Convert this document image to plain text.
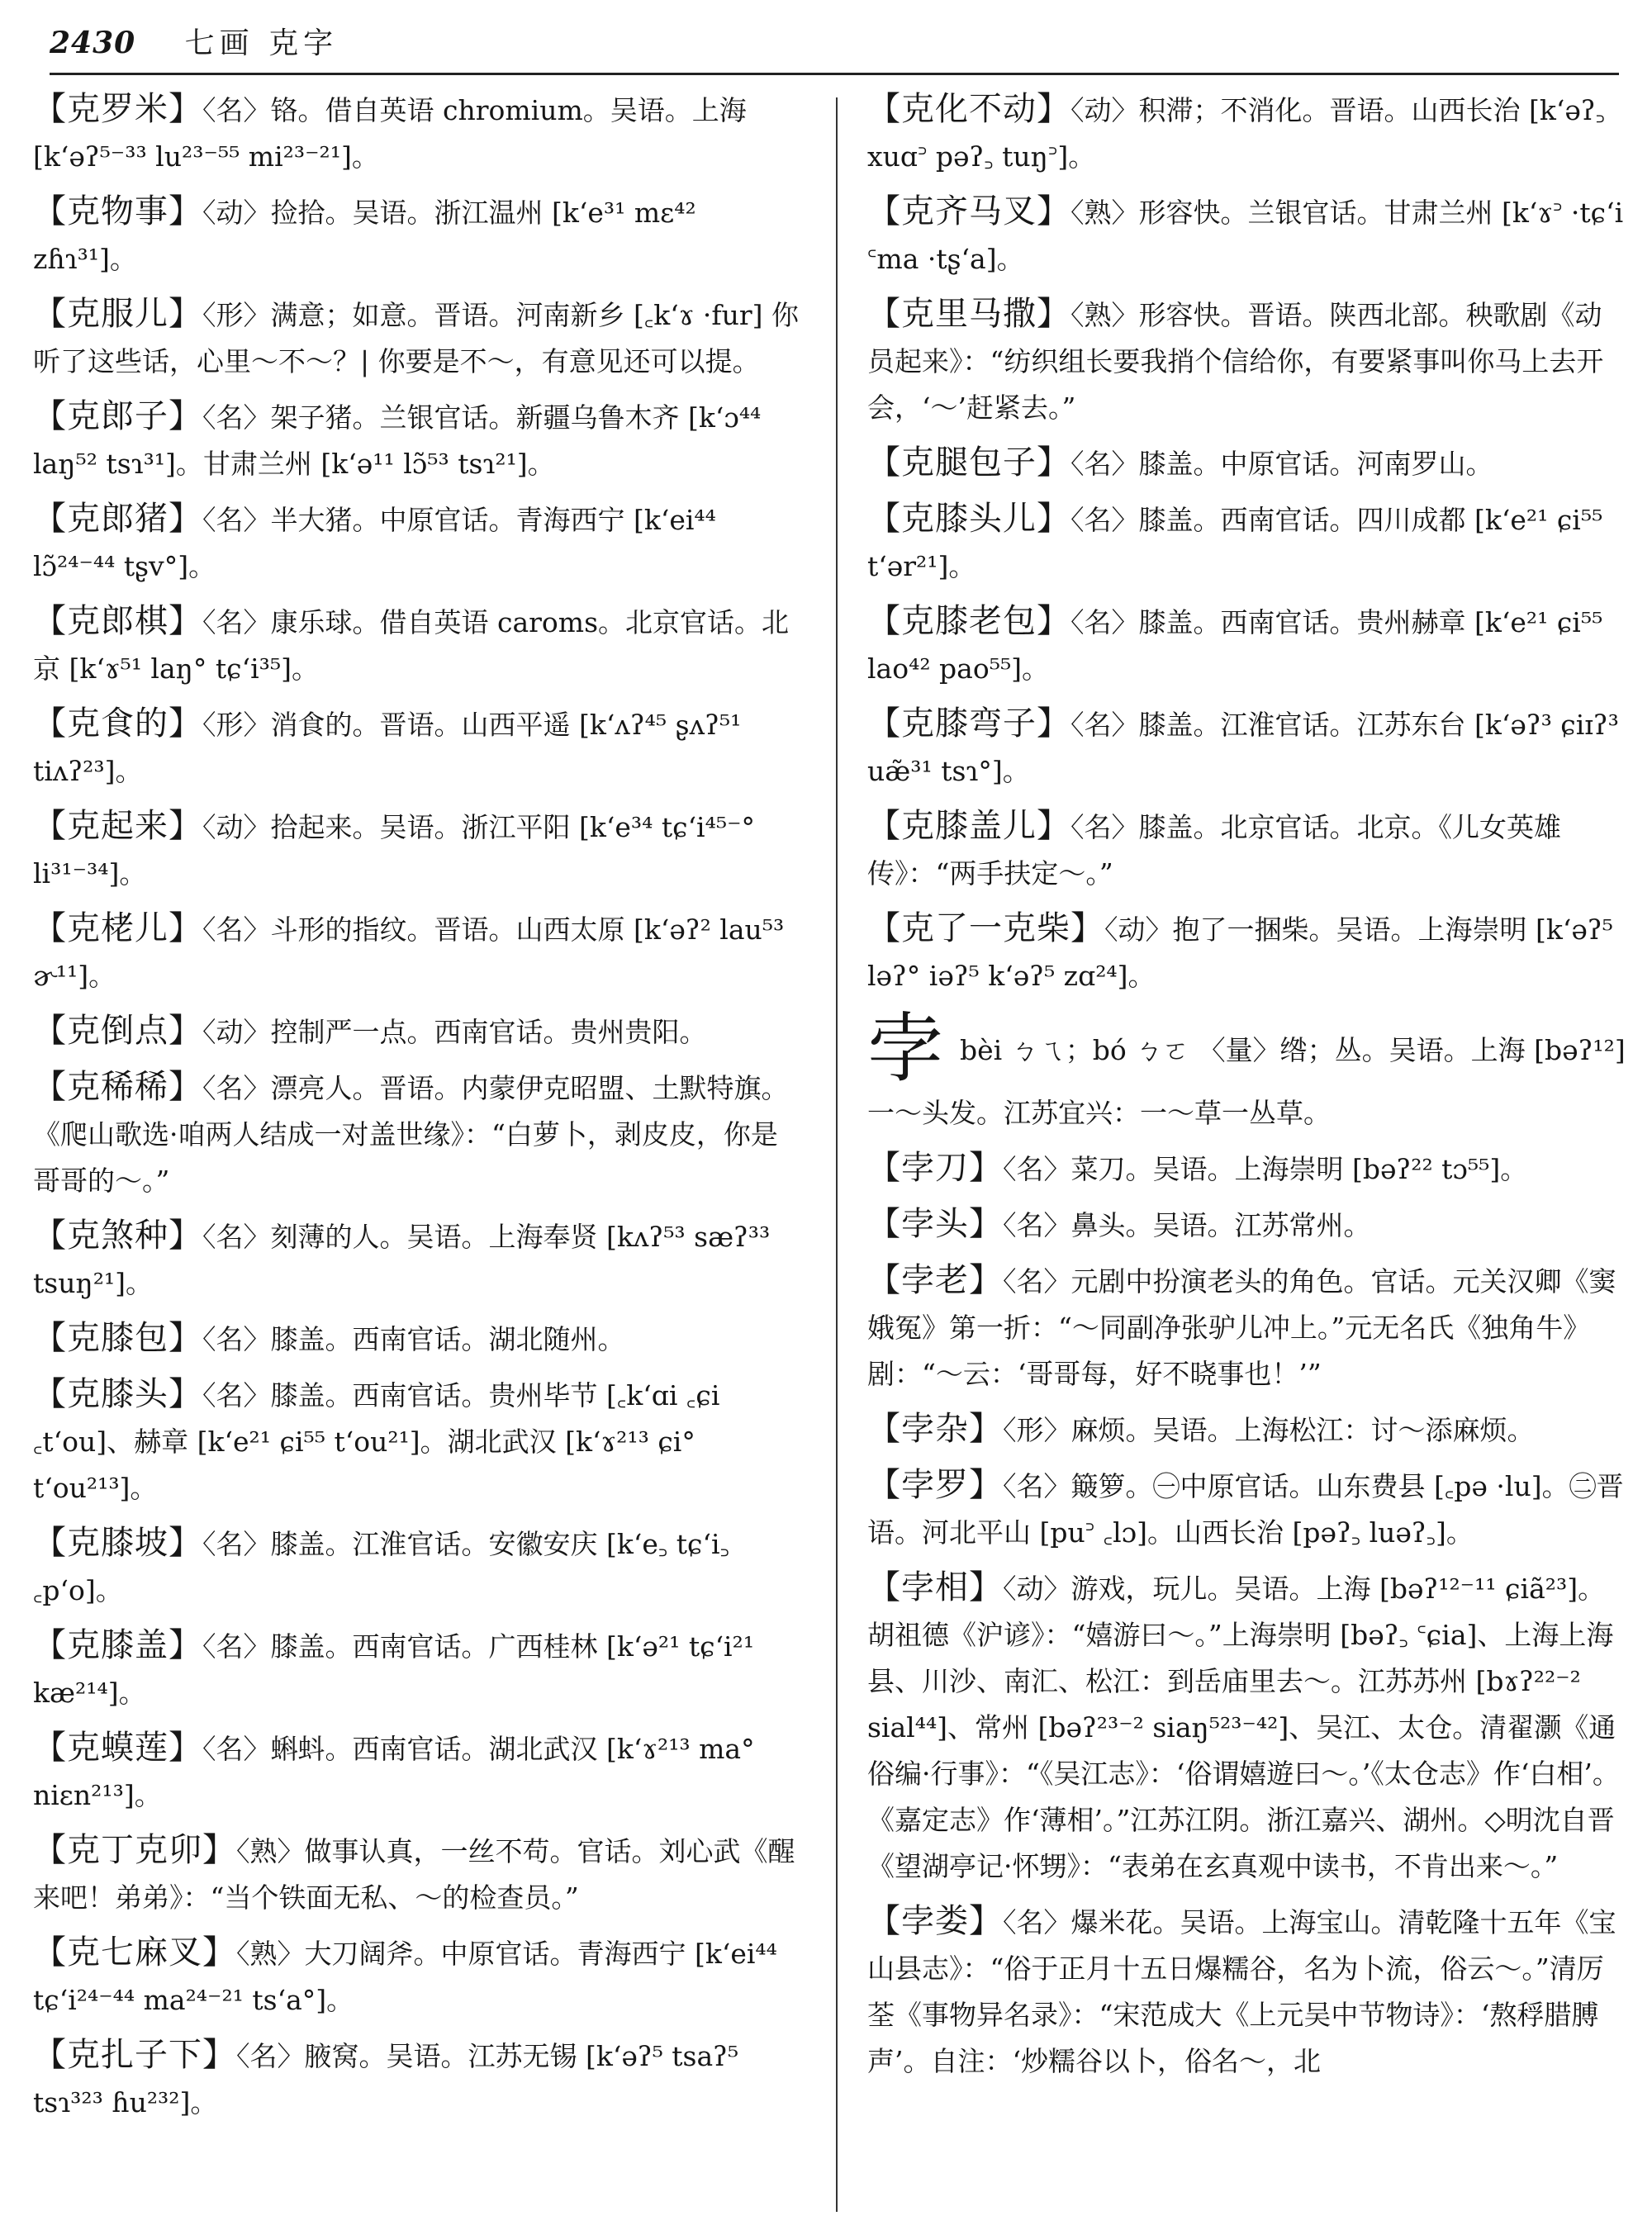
2430 七画 克字
【克罗米】〈名〉铬。借自英语 chromium。吴语。上海 [kʻəʔ⁵⁻³³ lu²³⁻⁵⁵ mi²³⁻²¹]。
【克物事】〈动〉捡拾。吴语。浙江温州 [kʻe³¹ mɛ⁴² zɦɿ³¹]。
【克服儿】〈形〉满意；如意。晋语。河南新乡 [꜀kʻɤ ·fur] 你听了这些话，心里～不～？| 你要是不～，有意见还可以提。
【克郎子】〈名〉架子猪。兰银官话。新疆乌鲁木齐 [kʻɔ⁴⁴ laŋ⁵² tsɿ³¹]。甘肃兰州 [kʻə¹¹ lɔ̃⁵³ tsɿ²¹]。
【克郎猪】〈名〉半大猪。中原官话。青海西宁 [kʻei⁴⁴ lɔ̃²⁴⁻⁴⁴ tʂv°]。
【克郎棋】〈名〉康乐球。借自英语 caroms。北京官话。北京 [kʻɤ⁵¹ laŋ° tɕʻi³⁵]。
【克食的】〈形〉消食的。晋语。山西平遥 [kʻʌʔ⁴⁵ ʂʌʔ⁵¹ tiʌʔ²³]。
【克起来】〈动〉拾起来。吴语。浙江平阳 [kʻe³⁴ tɕʻi⁴⁵⁻° li³¹⁻³⁴]。
【克栳儿】〈名〉斗形的指纹。晋语。山西太原 [kʻəʔ² lau⁵³ ɚ¹¹]。
【克倒点】〈动〉控制严一点。西南官话。贵州贵阳。
【克稀稀】〈名〉漂亮人。晋语。内蒙伊克昭盟、土默特旗。《爬山歌选·咱两人结成一对盖世缘》：“白萝卜，剥皮皮，你是哥哥的～。”
【克煞种】〈名〉刻薄的人。吴语。上海奉贤 [kʌʔ⁵³ sæʔ³³ tsuŋ²¹]。
【克膝包】〈名〉膝盖。西南官话。湖北随州。
【克膝头】〈名〉膝盖。西南官话。贵州毕节 [꜀kʻɑi ꜀ɕi ꜀tʻou]、赫章 [kʻe²¹ ɕi⁵⁵ tʻou²¹]。湖北武汉 [kʻɤ²¹³ ɕi° tʻou²¹³]。
【克膝坡】〈名〉膝盖。江淮官话。安徽安庆 [kʻe꜆ tɕʻi꜆ ꜀pʻo]。
【克膝盖】〈名〉膝盖。西南官话。广西桂林 [kʻə²¹ tɕʻi²¹ kæ²¹⁴]。
【克蟆莲】〈名〉蝌蚪。西南官话。湖北武汉 [kʻɤ²¹³ ma° niɛn²¹³]。
【克丁克卯】〈熟〉做事认真，一丝不苟。官话。刘心武《醒来吧！弟弟》：“当个铁面无私、～的检查员。”
【克七麻叉】〈熟〉大刀阔斧。中原官话。青海西宁 [kʻei⁴⁴ tɕʻi²⁴⁻⁴⁴ ma²⁴⁻²¹ tsʻa°]。
【克扎子下】〈名〉腋窝。吴语。江苏无锡 [kʻəʔ⁵ tsaʔ⁵ tsɿ³²³ ɦu²³²]。
【克化不动】〈动〉积滞；不消化。晋语。山西长治 [kʻəʔ꜆ xuɑ꜄ pəʔ꜆ tuŋ꜄]。
【克齐马叉】〈熟〉形容快。兰银官话。甘肃兰州 [kʻɤ꜄ ·tɕʻi ꜂ma ·tʂʻa]。
【克里马撒】〈熟〉形容快。晋语。陕西北部。秧歌剧《动员起来》：“纺织组长要我捎个信给你，有要紧事叫你马上去开会，‘～’赶紧去。”
【克腿包子】〈名〉膝盖。中原官话。河南罗山。
【克膝头儿】〈名〉膝盖。西南官话。四川成都 [kʻe²¹ ɕi⁵⁵ tʻər²¹]。
【克膝老包】〈名〉膝盖。西南官话。贵州赫章 [kʻe²¹ ɕi⁵⁵ lao⁴² pao⁵⁵]。
【克膝弯子】〈名〉膝盖。江淮官话。江苏东台 [kʻəʔ³ ɕiɪʔ³ uæ̃³¹ tsɿ°]。
【克膝盖儿】〈名〉膝盖。北京官话。北京。《儿女英雄传》：“两手扶定～。”
【克了一克柴】〈动〉抱了一捆柴。吴语。上海崇明 [kʻəʔ⁵ ləʔ° iəʔ⁵ kʻəʔ⁵ zɑ²⁴]。
孛bèi ㄅㄟ；bó ㄅㄛ 〈量〉绺；丛。吴语。上海 [bəʔ¹²] 一～头发。江苏宜兴：一～草一丛草。
【孛刀】〈名〉菜刀。吴语。上海崇明 [bəʔ²² tɔ⁵⁵]。
【孛头】〈名〉鼻头。吴语。江苏常州。
【孛老】〈名〉元剧中扮演老头的角色。官话。元关汉卿《窦娥冤》第一折：“～同副净张驴儿冲上。”元无名氏《独角牛》剧：“～云：‘哥哥每，好不晓事也！’”
【孛杂】〈形〉麻烦。吴语。上海松江：讨～添麻烦。
【孛罗】〈名〉簸箩。㊀中原官话。山东费县 [꜀pə ·lu]。㊁晋语。河北平山 [pu꜄ ꜀lɔ]。山西长治 [pəʔ꜆ luəʔ꜆]。
【孛相】〈动〉游戏，玩儿。吴语。上海 [bəʔ¹²⁻¹¹ ɕiã²³]。胡祖德《沪谚》：“嬉游曰～。”上海崇明 [bəʔ꜆ ꜂ɕia]、上海上海县、川沙、南汇、松江：到岳庙里去～。江苏苏州 [bɤʔ²²⁻² sial⁴⁴]、常州 [bəʔ²³⁻² siaŋ⁵²³⁻⁴²]、吴江、太仓。清翟灏《通俗编·行事》：“《吴江志》：‘俗谓嬉遊曰～。’《太仓志》作‘白相’。《嘉定志》作‘薄相’。”江苏江阴。浙江嘉兴、湖州。◇明沈自晋《望湖亭记·怀甥》：“表弟在玄真观中读书，不肯出来～。”
【孛娄】〈名〉爆米花。吴语。上海宝山。清乾隆十五年《宝山县志》：“俗于正月十五日爆糯谷，名为卜流，俗云～。”清厉荃《事物异名录》：“宋范成大《上元吴中节物诗》：‘熬稃腊膊声’。自注：‘炒糯谷以卜，俗名～，北
